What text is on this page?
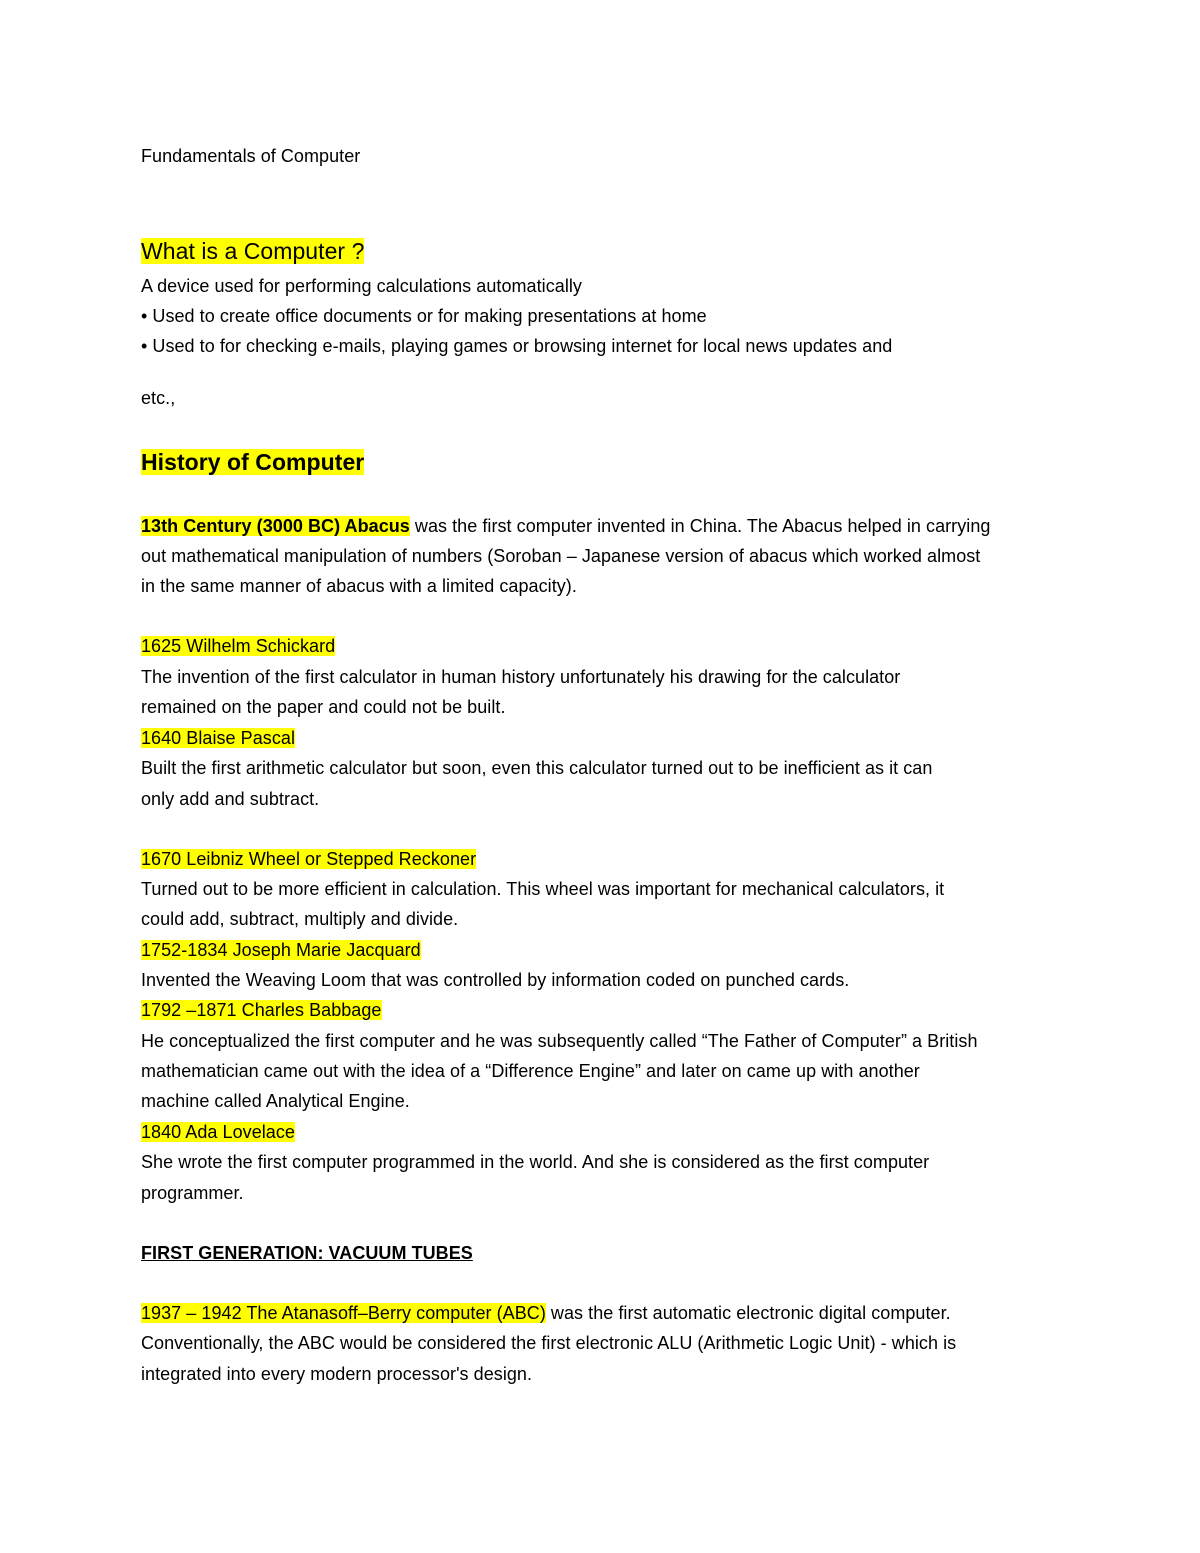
Fundamentals of Computer
What is a Computer ?
A device used for performing calculations automatically
• Used to create office documents or for making presentations at home
• Used to for checking e-mails, playing games or browsing internet for local news updates and
etc.,
History of Computer
13th Century (3000 BC) Abacus was the first computer invented in China. The Abacus helped in carrying
out mathematical manipulation of numbers (Soroban – Japanese version of abacus which worked almost
in the same manner of abacus with a limited capacity).
1625 Wilhelm Schickard
The invention of the first calculator in human history unfortunately his drawing for the calculator
remained on the paper and could not be built.
1640 Blaise Pascal
Built the first arithmetic calculator but soon, even this calculator turned out to be inefficient as it can
only add and subtract.
1670 Leibniz Wheel or Stepped Reckoner
Turned out to be more efficient in calculation. This wheel was important for mechanical calculators, it
could add, subtract, multiply and divide.
1752-1834 Joseph Marie Jacquard
Invented the Weaving Loom that was controlled by information coded on punched cards.
1792 –1871 Charles Babbage
He conceptualized the first computer and he was subsequently called “The Father of Computer” a British
mathematician came out with the idea of a “Difference Engine” and later on came up with another
machine called Analytical Engine.
1840 Ada Lovelace
She wrote the first computer programmed in the world. And she is considered as the first computer
programmer.
FIRST GENERATION: VACUUM TUBES
1937 – 1942 The Atanasoff–Berry computer (ABC) was the first automatic electronic digital computer.
Conventionally, the ABC would be considered the first electronic ALU (Arithmetic Logic Unit) - which is
integrated into every modern processor's design.
